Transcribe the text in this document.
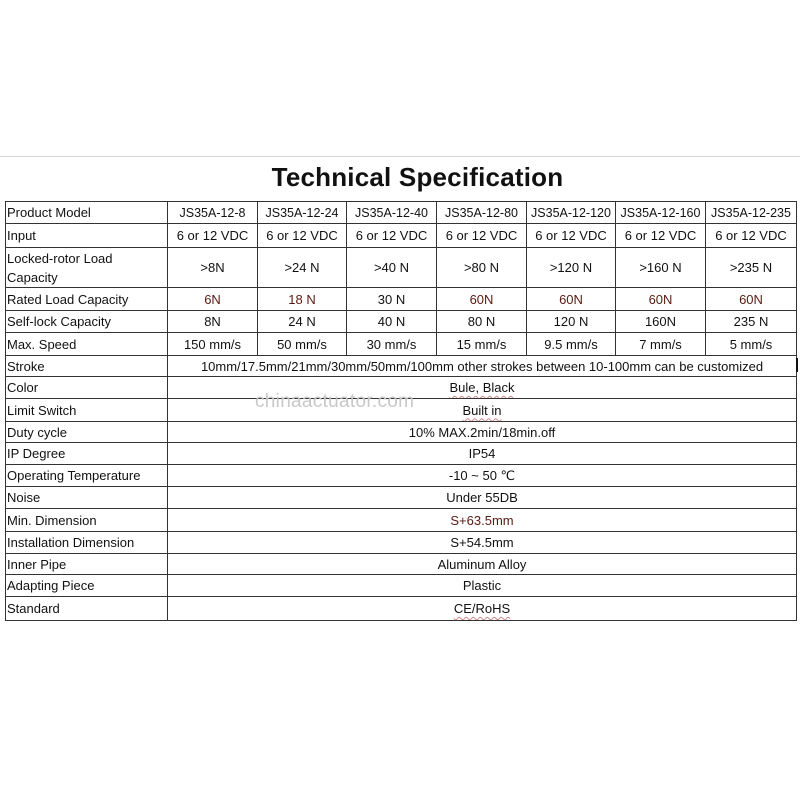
Technical Specification
Product Model	JS35A-12-8	JS35A-12-24	JS35A-12-40	JS35A-12-80	JS35A-12-120	JS35A-12-160	JS35A-12-235
Input	6 or 12 VDC	6 or 12 VDC	6 or 12 VDC	6 or 12 VDC	6 or 12 VDC	6 or 12 VDC	6 or 12 VDC
Locked-rotor Load Capacity	>8N	>24 N	>40 N	>80 N	>120 N	>160 N	>235 N
Rated Load Capacity	6N	18 N	30 N	60N	60N	60N	60N
Self-lock Capacity	8N	24 N	40 N	80 N	120 N	160N	235 N
Max. Speed	150 mm/s	50 mm/s	30 mm/s	15 mm/s	9.5 mm/s	7 mm/s	5 mm/s
Stroke	10mm/17.5mm/21mm/30mm/50mm/100mm other strokes between 10-100mm can be customized						
Color	Bule, Black						
Limit Switch	Built in						
Duty cycle	10% MAX.2min/18min.off						
IP Degree	IP54						
Operating Temperature	-10 ~ 50 ℃						
Noise	Under 55DB						
Min. Dimension	S+63.5mm						
Installation Dimension	S+54.5mm						
Inner Pipe	Aluminum Alloy						
Adapting Piece	Plastic						
Standard	CE/RoHS						
chinaactuator.com
